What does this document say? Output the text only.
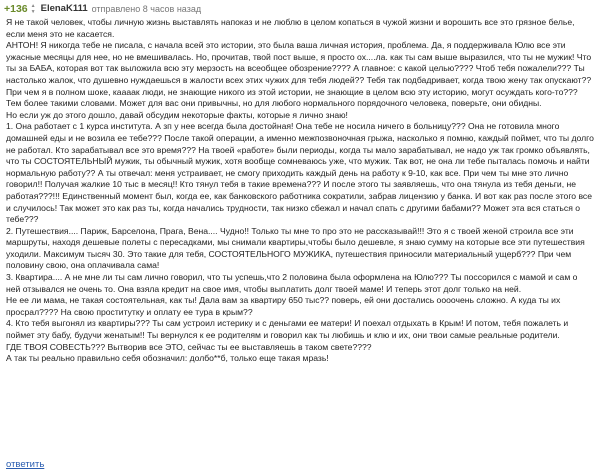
+136 ▲
▼ ElenaK111 отправлено 8 часов назад

Я не такой человек, чтобы личную жизнь выставлять напоказ и не люблю в целом копаться в чужой жизни и ворошить все это грязное белье, если меня это не касается.

АНТОН! Я никогда тебе не писала, с начала всей это истории, это была ваша личная история, проблема. Да, я поддерживала Юлю все эти ужасные месяцы для нее, но не вмешивалась. Но, прочитав, твой пост выше, я просто ох....ла. как ты сам выше выразился, что ты не мужик! Что ты за БАБА, которая вот так выложила всю эту мерзость на всеобщее обозрение???? А главное: с какой целью???? Чтоб тебя пожалели??? Ты настолько жалок, что душевно нуждаешься в жалости всех этих чужих для тебя людей?? Тебя так подбадривает, когда твою жену так опускают?? При чем я в полном шоке, каааак люди, не знающие никого из этой истории, не знающие в целом всю эту историю, могут осуждать кого-то??? Тем более такими словами. Может для вас они привычны, но для любого нормального порядочного человека, поверьте, они обидны.

Но если уж до этого дошло, давай обсудим некоторые факты, которые я лично знаю!

1. Она работает с 1 курса института. А зп у нее всегда была достойная! Она тебе не носила ничего в больницу??? Она не готовила много домашней еды и не возила ее тебе??? После такой операции, а именно межпозвоночная грыжа, насколько я помню, каждый поймет, что ты долго не работал. Кто зарабатывал все это время??? На твоей «работе» были периоды, когда ты мало зарабатывал, не надо уж так громко объявлять, что ты СОСТОЯТЕЛЬНЫЙ мужик, ты обычный мужик, хотя вообще сомневаюсь уже, что мужик. Так вот, не она ли тебе пыталась помочь и найти нормальную работу?? А ты отвечал: меня устраивает, не смогу приходить каждый день на работу к 9-10, как все. При чем ты мне это лично говорил!! Получая жалкие 10 тыс в месяц!! Кто тянул тебя в такие времена??? И после этого ты заявляешь, что она тянула из тебя деньги, не работая???!!! Единственный момент был, когда ее, как банковского работника сократили, забрав лицензию у банка. И вот как раз после этого все и случилось! Так может это как раз ты, когда начались трудности, так низко сбежал и начал спать с другими бабами?? Может эта вся статься о тебе???

2. Путешествия.... Париж, Барселона, Прага, Вена.... Чудно!! Только ты мне то про это не рассказывай!!! Это я с твоей женой строила все эти маршруты, находя дешевые полеты с пересадками, мы снимали квартиры,чтобы было дешевле, я знаю сумму на которые все эти путешествия уходили. Максимум тысяч 30. Это такие для тебя, СОСТОЯТЕЛЬНОГО МУЖИКА, путешествия приносили материальный ущерб??? При чем половину свою, она оплачивала сама!

3. Квартира.... А не мне ли ты сам лично говорил, что ты успешь,что 2 половина была оформлена на Юлю??? Ты поссорился с мамой и сам о ней отзывался не очень то. Она взяла кредит на свое имя, чтобы выплатить долг твоей маме! И теперь этот долг только на ней.

Не ее ли мама, не такая состоятельная, как ты! Дала вам за квартиру 650 тыс?? поверь, ей они достались оооочень сложно. А куда ты их просрал???? На свою проститутку и оплату ее тура в крым??

4. Кто тебя выгонял из квартиры??? Ты сам устроил истерику и с деньгами ее матери! И поехал отдыхать в Крым! И потом, тебя пожалеть и поймет эту бабу, будучи женатым!! Ты вернулся к ее родителям и говорил как ты любишь и клю и их, они твои самые реальные родители.

ГДЕ ТВОЯ СОВЕСТЬ??? Вытворив все ЭТО, сейчас ты ее выставляешь в таком свете????

А так ты реально правильно себя обозначил: долбо**б, только еще такая мразь!

ответить
